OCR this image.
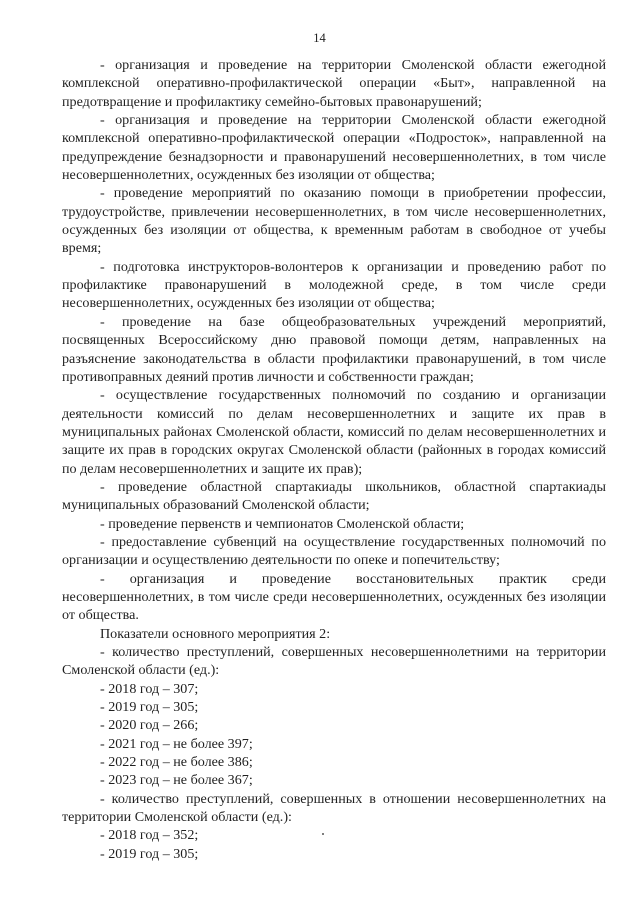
14

- организация и проведение на территории Смоленской области ежегодной комплексной оперативно-профилактической операции «Быт», направленной на предотвращение и профилактику семейно-бытовых правонарушений;

- организация и проведение на территории Смоленской области ежегодной комплексной оперативно-профилактической операции «Подросток», направленной на предупреждение безнадзорности и правонарушений несовершеннолетних, в том числе несовершеннолетних, осужденных без изоляции от общества;

- проведение мероприятий по оказанию помощи в приобретении профессии, трудоустройстве, привлечении несовершеннолетних, в том числе несовершеннолетних, осужденных без изоляции от общества, к временным работам в свободное от учебы время;

- подготовка инструкторов-волонтеров к организации и проведению работ по профилактике правонарушений в молодежной среде, в том числе среди несовершеннолетних, осужденных без изоляции от общества;

- проведение на базе общеобразовательных учреждений мероприятий, посвященных Всероссийскому дню правовой помощи детям, направленных на разъяснение законодательства в области профилактики правонарушений, в том числе противоправных деяний против личности и собственности граждан;

- осуществление государственных полномочий по созданию и организации деятельности комиссий по делам несовершеннолетних и защите их прав в муниципальных районах Смоленской области, комиссий по делам несовершеннолетних и защите их прав в городских округах Смоленской области (районных в городах комиссий по делам несовершеннолетних и защите их прав);

- проведение областной спартакиады школьников, областной спартакиады муниципальных образований Смоленской области;

- проведение первенств и чемпионатов Смоленской области;

- предоставление субвенций на осуществление государственных полномочий по организации и осуществлению деятельности по опеке и попечительству;

- организация и проведение восстановительных практик среди несовершеннолетних, в том числе среди несовершеннолетних, осужденных без изоляции от общества.

Показатели основного мероприятия 2:

- количество преступлений, совершенных несовершеннолетними на территории Смоленской области (ед.):

- 2018 год – 307;

- 2019 год – 305;

- 2020 год – 266;

- 2021 год – не более 397;

- 2022 год – не более 386;

- 2023 год – не более 367;

- количество преступлений, совершенных в отношении несовершеннолетних на территории Смоленской области (ед.):

- 2018 год – 352;

- 2019 год – 305;
